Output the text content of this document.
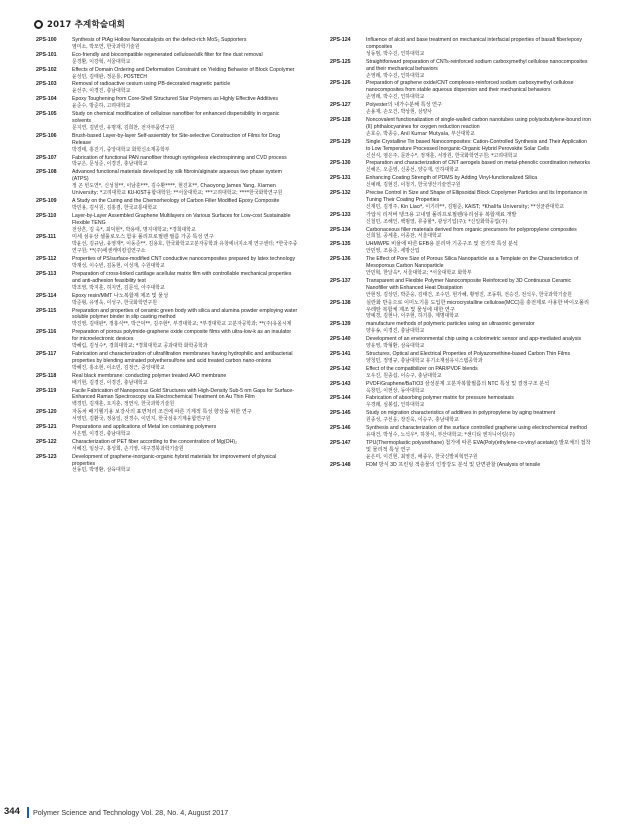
2017 추계학술대회
2PS-100	Synthesis of PtAg Hollow Nanocatalysts on the defect-rich MoS₂ Supporters
염미소, 박모연, 한국과학기술원
2PS-101	Eco-friendly and biocompatible regenerated cellulose/silk filter for fine dust removal
문경환, 이강혁, 서울대학교
2PS-102	Effects of Domain Ordering and Deformation Constraint on Yielding Behavior of Block Copolymer
윤성민, 김태완, 정운룡, POSTECH
2PS-103	Removal of radioactive cesium using PB-decorated magnetic particle
윤선주, 이경진, 충남대학교
2PS-104	Epoxy Toughening from Core-Shell Structured Star Polymers as Highly Effective Additives
윤준수, 방준하, 고려대학교
2PS-105	Study on chemical modification of cellulose nanofiber for enhanced dispersibility in organic solvents
문지연, 김빈린, 유명재, 김희찬, 전자부품연구원
2PS-106	Brush-based Layer-by-layer Self-assembly for Site-selective Construction of Films for Drug Release
박경태, 홍진기, 중앙대학교 화학신소재공학부
2PS-107	Fabrication of functional PAN nanofiber through syringeless electrospinning and CVD process
박규은, 문성준, 이경진, 충남대학교
2PS-108	Advanced functional materials developed by silk fibroin/alginate aqueous two phase system (ATPS)
정 곤 빈도연*, 신성철**, 이남훈***, 김수환****, 현진호**, Chaoyong James Yang, Xiamen University; *고려대학교 KU-KIST융합대학원; **서울대학교; ***고려대학교; ****한국화학연구원
2PS-109	A Study on the Curing and the Chemorheology of Carbon Filler Modified Epoxy Composite
박민용, 김서원, 김홍겸, 한국교통대학교
2PS-110	Layer-by-Layer Assembled Graphene Multilayers on Various Surfaces for Low-cost Sustainable Flexible TENG
전상흔, 김 욱*, 최덕현*, 박용태, 명지대학교; *경희대학교
2PS-111	미세 섬유상 셀룰로오스 함유 폴리프로필렌 필름 가공 특성 연구
박윤선, 김규남, 유영재*, 이동준**, 김용호, 한국화학교고분자공학과 유창에너지소재 연구센터; *한국주중연구원; **(주)에센케미칼설연구소
2PS-112	Properties of PS/surface-modified CNT conductive nanocomposites prepared by latex technology
박재성, 이수빈, 김동현, 이성재, 수원대학교
2PS-113	Preparation of cross-linked cartilage acellular matrix film with controllable mechanical properties and anti-adhesion feasibility test
박조영, 박지훈, 허지연, 김문석, 아주대학교
2PS-114	Epoxy resin/MMT 나노복합재 제조 및 물성
박준형, 유영욱, 이성구, 한국화학연구원
2PS-115	Preparation and properties of ceramic green body with silica and alumina powder employing water soluble polymer binder in slip casting method
박진영, 김태완*, 정홍식**, 박근덕**, 김주현*, 부경대학교; *부경대학교 고분자공학과; **(주)유올시제
2PS-116	Preparation of porous polyimide-graphene oxide composite films with ultra-low-k as an insulator for microelectronic devices
박혜림, 김성수*, 경희대학교; *경희대학교 공과대학 화학공학과
2PS-117	Fabrication and characterization of ultrafiltration membranes having hydrophilic and antibacterial properties by blending aminated polyethersulfone and acid treated carbon nano-onions
박혜진, 홍소현, 이소민, 김정근, 중앙대학교
2PS-118	Real black membrane: conducting polymer treated AAO membrane
배기현, 김경진, 이경진, 충남대학교
2PS-119	Facile Fabrication of Nanoporous Gold Structures with High-Density Sub-5 nm Gaps for Surface-Enhanced Raman Spectroscopy via Electrochemical Treatment on Au Thin Film
백경민, 김재훈, 오지훈, 정연식, 한국과학기술원
2PS-120	자동차 배기헬기용 보강사의 표면처리 조건에 따른 기계적 특성 향상을 위한 연구
서영민, 김환국, 정용일, 전경수, 이민지, 한국섬유기계융합연구원
2PS-121	Preparations and applications of Metal ion containing polymers
서은별, 이경진, 충남대학교
2PS-122	Characterization of PET fiber according to the concentration of Mg(OH)₂
서혜진, 임상구, 홍성희, 손기영, 대구경북과학기술원
2PS-123	Development of graphene-inorganic-organic hybrid materials for improvement of physical properties
선동민, 박영환, 삼육대학교
2PS-124	Influence of alcid and base treatment on mechanical interfacial properties of basalt fiber/epoxy composites
성동범, 박수진, 인하대학교
2PS-125	Straightforward preparation of CNTs-reinforced sodium carboxymethyl cellulose nanocomposites and their mechanical behaviors
손영래, 박수진, 인하대학교
2PS-126	Preparation of graphene oxide/CNT complexes-reinforced sodium carboxymethyl cellulose nanocomposites from stable aqueous dispersion and their mechanical behaviors
손영래, 박수진, 인하대학교
2PS-127	Polyester의 내가수분해 특성 연구
손용재, 손오건, 박상현, 삼양사
2PS-128	Noncovalent functionalization of single-walled carbon nanotubes using polyisobutylene-bound iron (II) phthalocyanines for oxygen reduction reaction
손호승, 박종승, Anil Kumar Mutyala, 부산대학교
2PS-129	Single Crystalline Tin based Nanocomposites: Cation-Controlled Synthesis and Their Application to Low Temperature Processed Inorganic-Organic Hybrid Perovskite Solar Cells
신선식, 염은주, 문찬수*, 정재훈, 서장원, 한국화학연구원; *고려대학교
2PS-130	Preparation and characterization of CNT aerogels based on metal-phenolic coordination networks
신혜은, 오준영, 신종선, 양승재, 인하대학교
2PS-131	Enhancing Coating Strength of PDMS by Adding Vinyl-functionalized Silica
신예래, 김현진, 이청기, 한국생산기술연구원
2PS-132	Precise Control in Size and Shape of Ellipsoidal Block Copolymer Particles and Its Importance in Tuning Their Coating Properties
신재민, 김정주, Kin Liao*, 이기라**, 김범준, KAIST; *Khalifa University; **성균관대학교
2PS-133	가압식 리저버 탱크용 고내열 폴리프로필렌/유리섬유 복합재료 개발
신철민, 조해인, 백범열, 류종할*, 광성기업(주); *신일화학공업(주)
2PS-134	Carbonaceous filler materials derived from organic precursors for polypropylene composites
신희철, 공세훈, 이종찬, 서울대학교
2PS-135	UHMWPE 비율에 따른 EFB용 분리막 기공구조 및 전기적 특성 분석
안민영, 조용준, 세방산업
2PS-136	The Effect of Pore Size of Porous Silica Nanoparticle as a Template on the Characteristics of Mesoporous Carbon Nanoparticle
안민혁, 한달옥*, 서울대학교; *서울대학교 화학부
2PS-137	Transparent and Flexible Polymer Nanocomposite Reinforced by 3D Continuous Ceramic Nanofiller with Enhanced Heat Dissipation
안현정, 김상민, 박준웅, 김태건, 조수민, 현가혜, 황영진, 조동휘, 전승진, 전석우, 한국과학기술원
2PS-138	실란화 반응으로 이미노기를 도입한 microcrystalline cellulose(MCC)를 충전제로 사용한 바이오폴리우레탄 복합체 제조 및 물성에 대한 연구
양예경, 김현나, 이주현, 하기룡, 계명대학교
2PS-139	manufacture methods of polymeric particles using an ultrasonic generator
양유송, 이경진, 충남대학교
2PS-140	Development of an environmental chip using a colorimetric sensor and app-mediated analysis
양유영, 박형환, 삼육대학교
2PS-141	Structures, Optical and Electrical Properties of Polyazomethine-based Carbon Thin Films
양청민, 정영규, 충남대학교 유기소재섬유시스템공학과
2PS-142	Effect of the compatibilizer on PAR/PVDF blends
오우진, 원종섭, 이승구, 충남대학교
2PS-143	PVDF/Graphene/BaTiO3 삼성분계 고분자복합필름의 NTC 특성 및 결정구조 분석
옥창민, 이헌상, 동아대학교
2PS-144	Fabrication of absorbing polymer matrix for pressure hemostasis
우경래, 심봉섭, 인하대학교
2PS-145	Study on migration characteristics of additives in polypropylene by aging treatment
원종성, 구선웅, 장진욱, 이승구, 충남대학교
2PS-146	Synthesis and characterization of the surface controlled graphene using electrochemical method
유대건, 박성수, 노석우*, 하창식, 부산대학교; *센디티 엔지니어링(주)
2PS-147	TPU(Thermoplastic polyurethane) 첨가에 따른 EVA(Poly(ethylene-co-vinyl acetate)) 발포체의 접착 및 물리적 특성 연구
윤은미, 이진현, 최영진, 배종우, 한국신발피혁연구원
2PS-148	FDM 방식 3D 프린팅 적층물의 인장강도 분석 및 단면관찰 (Analysis of tensile
344 Polymer Science and Technology Vol. 28, No. 4, August 2017
